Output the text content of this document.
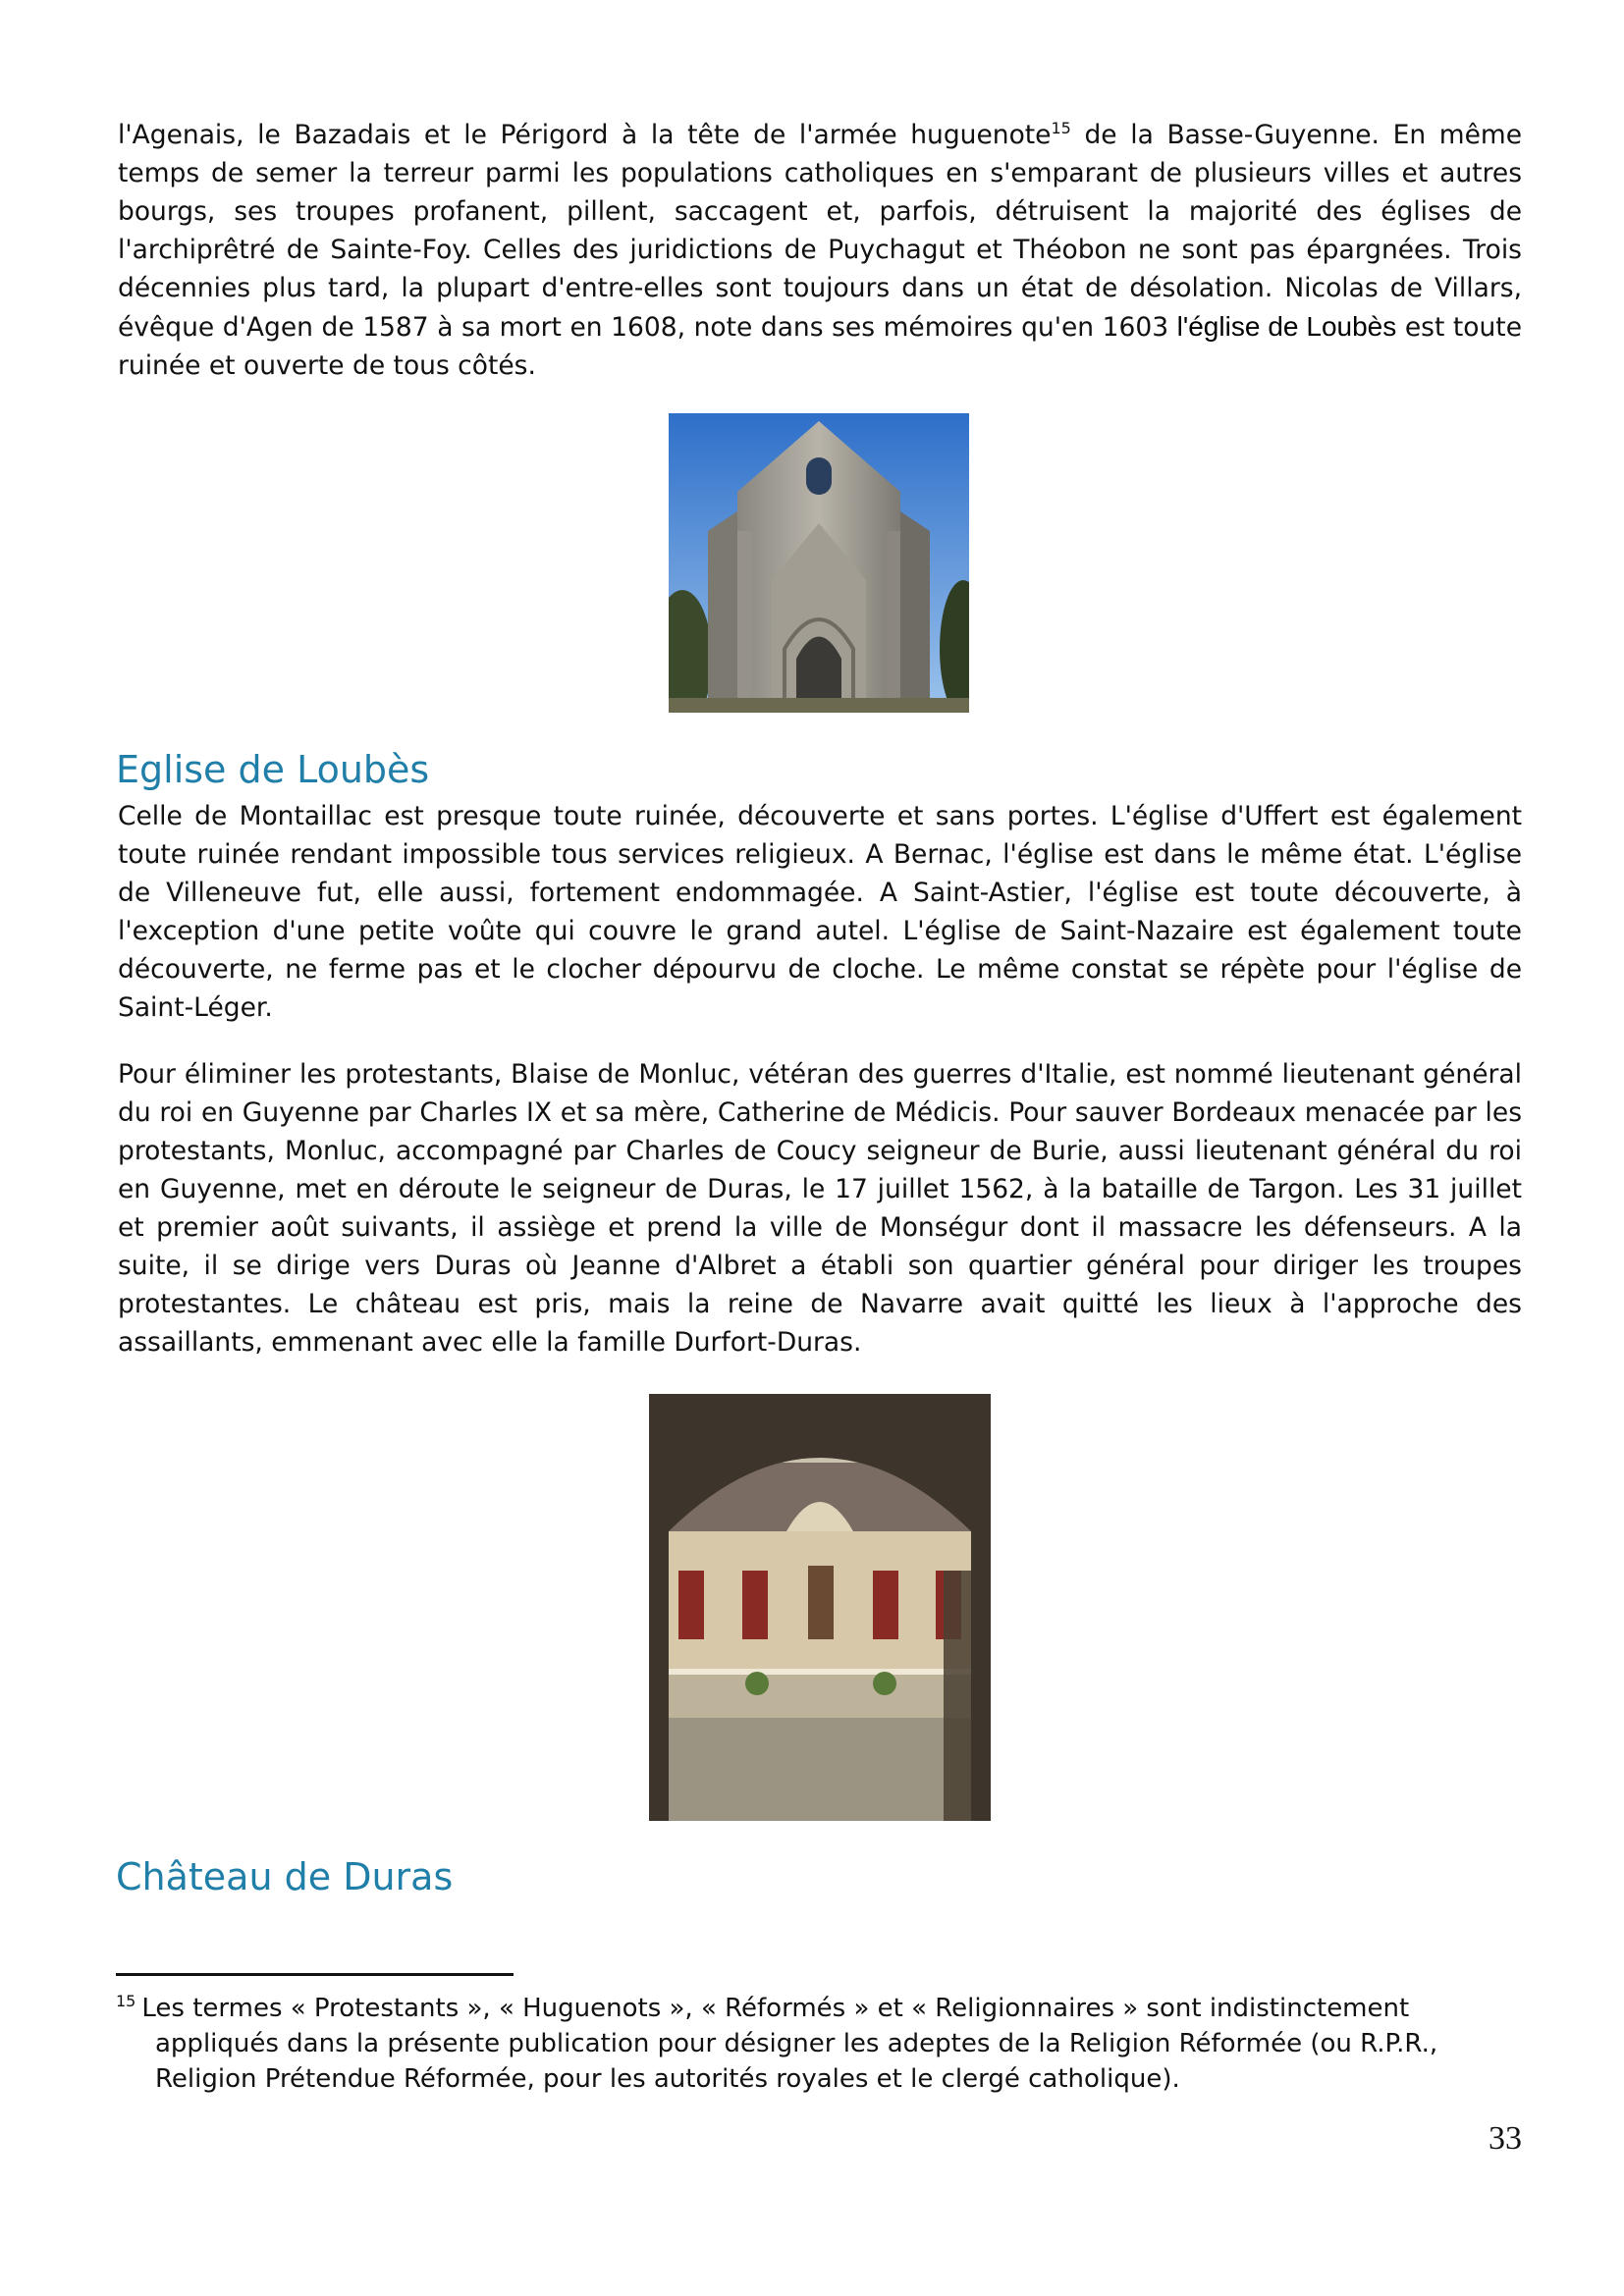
l'Agenais, le Bazadais et le Périgord à la tête de l'armée huguenote$^{15}$ de la Basse-Guyenne. En même temps de semer la terreur parmi les populations catholiques en s'emparant de plusieurs villes et autres bourgs, ses troupes profanent, pillent, saccagent et, parfois, détruisent la majorité des églises de l'archiprêtré de Sainte-Foy. Celles des juridictions de Puychagut et Théobon ne sont pas épargnées. Trois décennies plus tard, la plupart d'entre-elles sont toujours dans un état de désolation. Nicolas de Villars, évêque d'Agen de 1587 à sa mort en 1608, note dans ses mémoires qu'en 1603 l'église de Loubès est toute ruinée et ouverte de tous côtés.

Eglise de Loubès

Celle de Montaillac est presque toute ruinée, découverte et sans portes. L'église d'Uffert est également toute ruinée rendant impossible tous services religieux. A Bernac, l'église est dans le même état. L'église de Villeneuve fut, elle aussi, fortement endommagée. A Saint-Astier, l'église est toute découverte, à l'exception d'une petite voûte qui couvre le grand autel. L'église de Saint-Nazaire est également toute découverte, ne ferme pas et le clocher dépourvu de cloche. Le même constat se répète pour l'église de Saint-Léger.

Pour éliminer les protestants, Blaise de Monluc, vétéran des guerres d'Italie, est nommé lieutenant général du roi en Guyenne par Charles IX et sa mère, Catherine de Médicis. Pour sauver Bordeaux menacée par les protestants, Monluc, accompagné par Charles de Coucy seigneur de Burie, aussi lieutenant général du roi en Guyenne, met en déroute le seigneur de Duras, le 17 juillet 1562, à la bataille de Targon. Les 31 juillet et premier août suivants, il assiège et prend la ville de Monségur dont il massacre les défenseurs. A la suite, il se dirige vers Duras où Jeanne d'Albret a établi son quartier général pour diriger les troupes protestantes. Le château est pris, mais la reine de Navarre avait quitté les lieux à l'approche des assaillants, emmenant avec elle la famille Durfort-Duras.

Château de Duras

$^{15}$ Les termes « Protestants », « Huguenots », « Réformés » et « Religionnaires » sont indistinctement
appliqués dans la présente publication pour désigner les adeptes de la Religion Réformée (ou R.P.R., Religion Prétendue Réformée, pour les autorités royales et le clergé catholique).

33
